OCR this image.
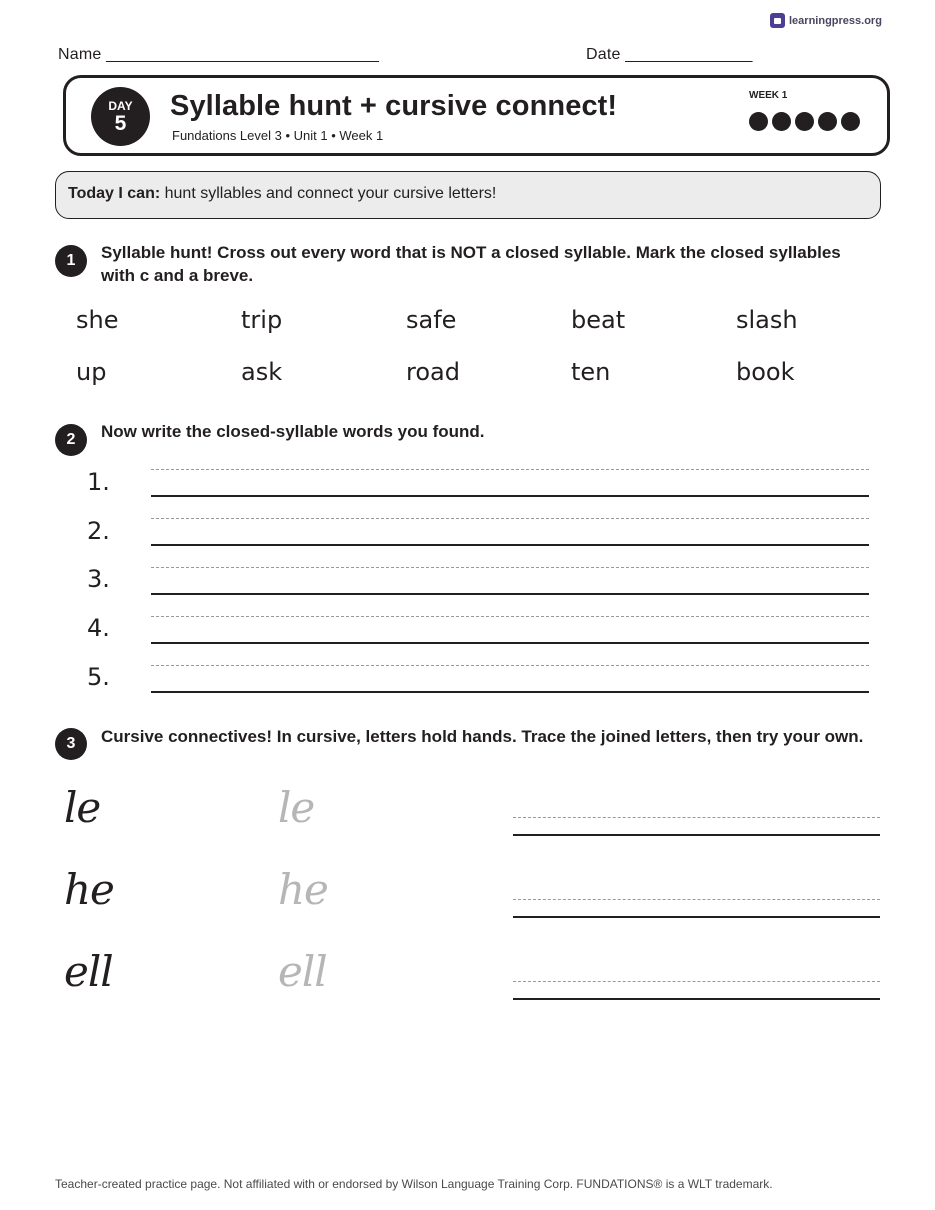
learningpress.org
Name ______________________________	Date ______________
DAY
5
Syllable hunt + cursive connect!
Fundations Level 3 • Unit 1 • Week 1
WEEK 1
Today I can: hunt syllables and connect your cursive letters!
1	Syllable hunt! Cross out every word that is NOT a closed syllable. Mark the closed syllables with c and a breve.
she	trip	safe	beat	slash
up	ask	road	ten	book
2	Now write the closed-syllable words you found.
1.
2.
3.
4.
5.
3	Cursive connectives! In cursive, letters hold hands. Trace the joined letters, then try your own.
le	le
he	he
ell	ell
Teacher-created practice page. Not affiliated with or endorsed by Wilson Language Training Corp. FUNDATIONS® is a WLT trademark.
